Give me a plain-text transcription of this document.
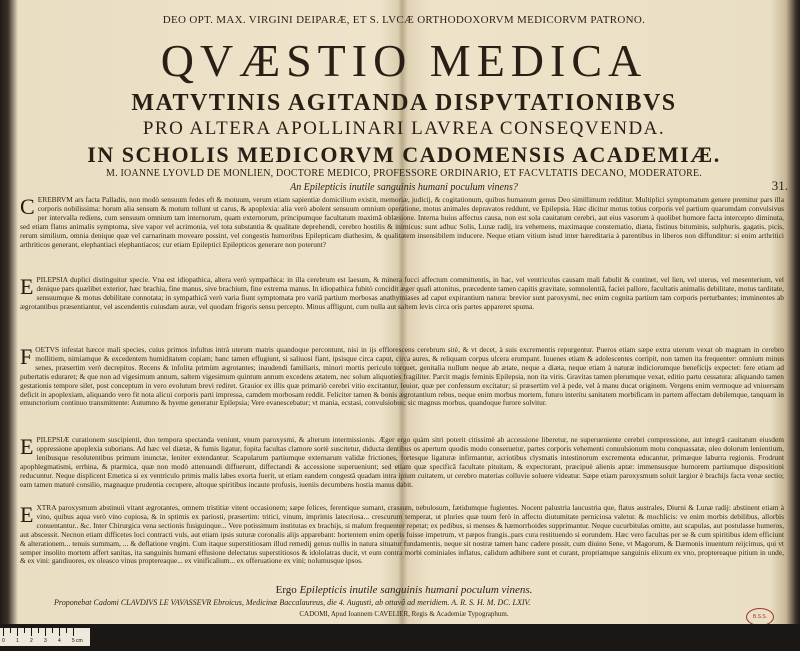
DEO OPT. MAX. VIRGINI DEIPARÆ, ET S. LVCÆ ORTHODOXORVM MEDICORVM PATRONO.
QVÆSTIO MEDICA
MATVTINIS AGITANDA DISPVTATIONIBVS
PRO ALTERA APOLLINARI LAVREA CONSEQVENDA.
IN SCHOLIS MEDICORVM CADOMENSIS ACADEMIÆ.
M. IOANNE LYOVLD DE MONLIEN, DOCTORE MEDICO, PROFESSORE ORDINARIO, ET FACVLTATIS DECANO, MODERATORE.
An Epilepticis inutile sanguinis humani poculum vinens?	31.
C EREBRVM ars facta Palladis, non modò sensuum fedes eft & motuum, verum etiam sapientiæ domicilium existit, memoriæ, judicij, & cogitationum, quibus humanum genus Deo simillimum redditur. Multiplici symptomatum genere premitur pars illa corporis nobilissima: horum alia sensum & motum tollunt ut carus, & apoplexia: alia verò abolent sensuum omnium operatione, motus animales depravatos reddunt, ve Epilepsia. Hæc dicitur motus totius corporis vel partium quarumdam convulsivus per intervalla rediens, cum sensuum omnium tam internorum, quam externorum, principumque facultatum maximâ oblæsione. Interna huius affectus causa, non est sola cauitatum cerebri, aut eius vasorum à quolibet humore facta intercepto diminuta, sed etiam flatus animalis symptoma, sive vapor vel acrimonia, vel tota substantia & qualitate deprehendi, cerebro hostilis & inimicus: sunt adhuc Solis, Lunæ radij, ira vehemens, maximaque consternatio, diæta, fistinus bituminis, sulphuris, gagatis, picis, rerum similium, omnia denique quæ vel carnarinam moveare possint, vel congestis humoribus Epilepticam diathesim, & qualitatem insensibilem inducere. Neque etiam vitium istud inter hæreditaria à parentibus in liberos non diffunditur: si enim arthritici arthriticos generant, elephantiaci elephantiacos; cur etiam Epileptici Epilepticos generare non poterunt?
E PILEPSIA duplici distinguitur specie. Vna est idiopathica, altera verò sympathica: in illa cerebrum est laesum, & minera fucci affectum committentis, in hac, vel ventriculus causam mali fabulit & continet, vel lien, vel uterus, vel mesenterium, vel denique pars quælibet exterior, hæc brachia, fine manus, sive brachium, fine extrema manus. In idiopathica fubitò concidit æger quafi attonitus, præcedente tamen capitis gravitate, somnolentiâ, faciei pallore, facultatis animalis debilitate, motus tarditate, sensuumque & motus debilitate connotata; in sympathicâ verò varia fiunt symptomata pro variâ partium morbosas anathymiases ad caput expirantium natura: brevior sunt paroxysmi, nec enim cognita partium tam corporis perturbantes; imminentes ab ægrotantibus præsentiantur, vel ascendentis cuiusdam auræ, vel quodam frigoris sensu percepto. Minus affligunt, cum nulla aut saltem levis circa oris partes appareret spuma.
F OETVS infestat hæcce mali species, cuius primos infultus intrà uterum matris quandoque percontunt, nisi in ijs efflorescens cerebrum sitè, & vt decet, à suis excrementis repurgentur. Pueros etiam sæpe extra uterum vexat ob magnam in cerebro mollitiem, nimiamque & excedentem humiditatem copiam; hanc tamen effugiunt, si saliuosi fiant, ipsisque circa caput, circa aures, & reliquam corpus ulcera erumpant. Iuuenes etiam & adolescentes corripit, non tamen ita frequenter: omnium minus senes, præsertim verò decrepitos. Recens & infolita primùm ægrotantes; inaudendi familiaris, minori mortis periculo torquet, genitalia nullum neque ab ætate, neque a diæta, neque etiam à naturæ indiciorumque beneficijs expectet: fere etiam ad pubertatis eduraret; & que non ad vigesimum annum, saltem vigesimum quintum annum excedens ætatem, nec solum aliquoties fragiliter. Parcit magis feminis Epilepsia, non ita viris. Gravitas tamen plerumque vexat, editio partu cessatura: aliquando tamen gestationis tempore silet, post conceptum in vero evolutum brevi rediret. Grauior ex illis quæ primariò cerebri vitio excitantur, leuior, quæ per confensum excitatur; si præsertim vel à pede, vel à manu ducat originem. Vergens enim vermoque ad vniuersam deficit in apoplexiam, aliquando vero fit nota alicui corporis parti impressa, camdem morbosam reddit. Feliciter tamen & bonis ægrotantium rebus, neque enim morbus mortem, futuro interitu sanitatem morbificam in partem affectam debilemque, tanquam in emunctorium continuo transmittente: Autumno & hyeme generatur Epilepsia; Vere evanescebatur; vt mania, ecstasi, convulsiobus; sic magnus morbus, quandoque furore solvitur.
E PILEPSIÆ curationem suscipienti, duo tempora spectanda veniunt, vnum paroxysmi, & alterum intermissionis. Æger ergo quàm sitri poterit citissimè ab accessione liberetur, ne superueniente cerebri compressione, aut integrâ cauitatum eiusdem oppressione apoplexia suborians. Ad hæc vel diætæ, & fumis ligatur, fopita facultas clamore sortè suscitetur, diducta dentibus os apertum quodis modo conseruetur, partes corporis vehementi conuulsionum motu conquassatæ, oleo dolorum lenientium, lenibusque resolutentibus primum inunctæ, leniter extendantur. Scapularum partiumque externarum validæ frictiones, fortesque ligaturæ infirmantur, acriotibus clysmatis intestinorum excrementa educantur, primæque laburra regionis. Frodrunt apophlegmatismi, errhina, & ptarmica, quæ non modò attenuandi diffuerunt, diffectandi & accessione superueniunt; sed etiam quæ specificâ facultate pituitam, & expectorant, præcipuè alienis aptæ: immensusque humorem partiumque dispositioni reducuntur. Neque displicent Emetica si ex ventriculo primis malis labes exorta fuerit, ut etiam eandem congestâ quadam intra ipium cuitatem, ut cerebro materias colluvie soluere videatur. Sæpe etiam paroxysmum soluit largior è brachijs facta venæ sectio; eam tamen maturè consilio, magnaque prudentia cecupere, altoque spiritibus incaute profusis, iueniis decumbens hostia manus dabit.
E XTRA paroxysmum abstinuii vitant ægrotantes, omnem tristitiæ vitent occasionem; sæpe felices, ferentique sumant, crassum, nebulosum, fætidumque fugientes. Nocent palustria laucustria que, flatus australes, Diurni & Lunæ radij: abstinent etiam à vino, quibus aqua verò vino copiosa, & in sptimis ex pariosti, præsertim: tritici, vinum, imprimis latecriosa... crescurum temperat, ut pluries quæ tuum ferò in affectu diutumitate perniciosa valetur. & mochlicis: ve enim morbis debilibus, allorbis conuentantur.. &c. Inter Chirurgica vena sectionis fusiguinque... Vere potissimum institutas ex brachijs, si malum frequenter repetat; ex pedibus, si menses & hæmorrhoides supprimantur. Neque cucurbitulas omitte, aut scapulas, aut postulasse humeros, aut abscessit. Necnon etiam difficetes loci contracti vuls, aut etiam ipsis suturæ coronalis alijs apparebant: hortentem enim operis fuisse impetrum, vt pæpos frangis..pars cura restituendo si eorundem. Hæc vero facultas per se & cum spiritibus idem efficiunt & alterationem... tenuis summam, ... & deflatione vngim. Cum itaque superstitiosam illud remedij genus nullis in natura situatur fundamentis, neque sit nostræ tamen hanc cadere possit, cum diuino Sene, vt Magorum, & Dæmonis inuentum reijcimus, qui vt semper insolito mortem affert sanitas, ita sanguinis humani effusione delectatus superstitiosos & idololatras ducit, vt eum contra morbi cominiales inflatus, calidum adhibere sunt et curant, propriamque sanguinis elixum ex vno, proptereaque pitium in unde, & ex vini: gandiuores, ex oleasco vinus proptereaque... ex vinificalium... ex offeruatione ex vini; nolumusque ipsos.
Ergo Epilepticis inutile sanguinis humani poculum vinens.
Proponebat Cadomi CLAVDIVS LE VAVASSEVR Ebroicus, Medicinæ Baccalaureus, die 4. Augusti, ab ottavâ ad meridiem. A. R. S. H. M. DC. LXIV.
CADOMI, Apud Ioannem CAVELIER, Regis & Academiæ Typographum.	B.S.S.
0 1 2 3 4 5 cm
